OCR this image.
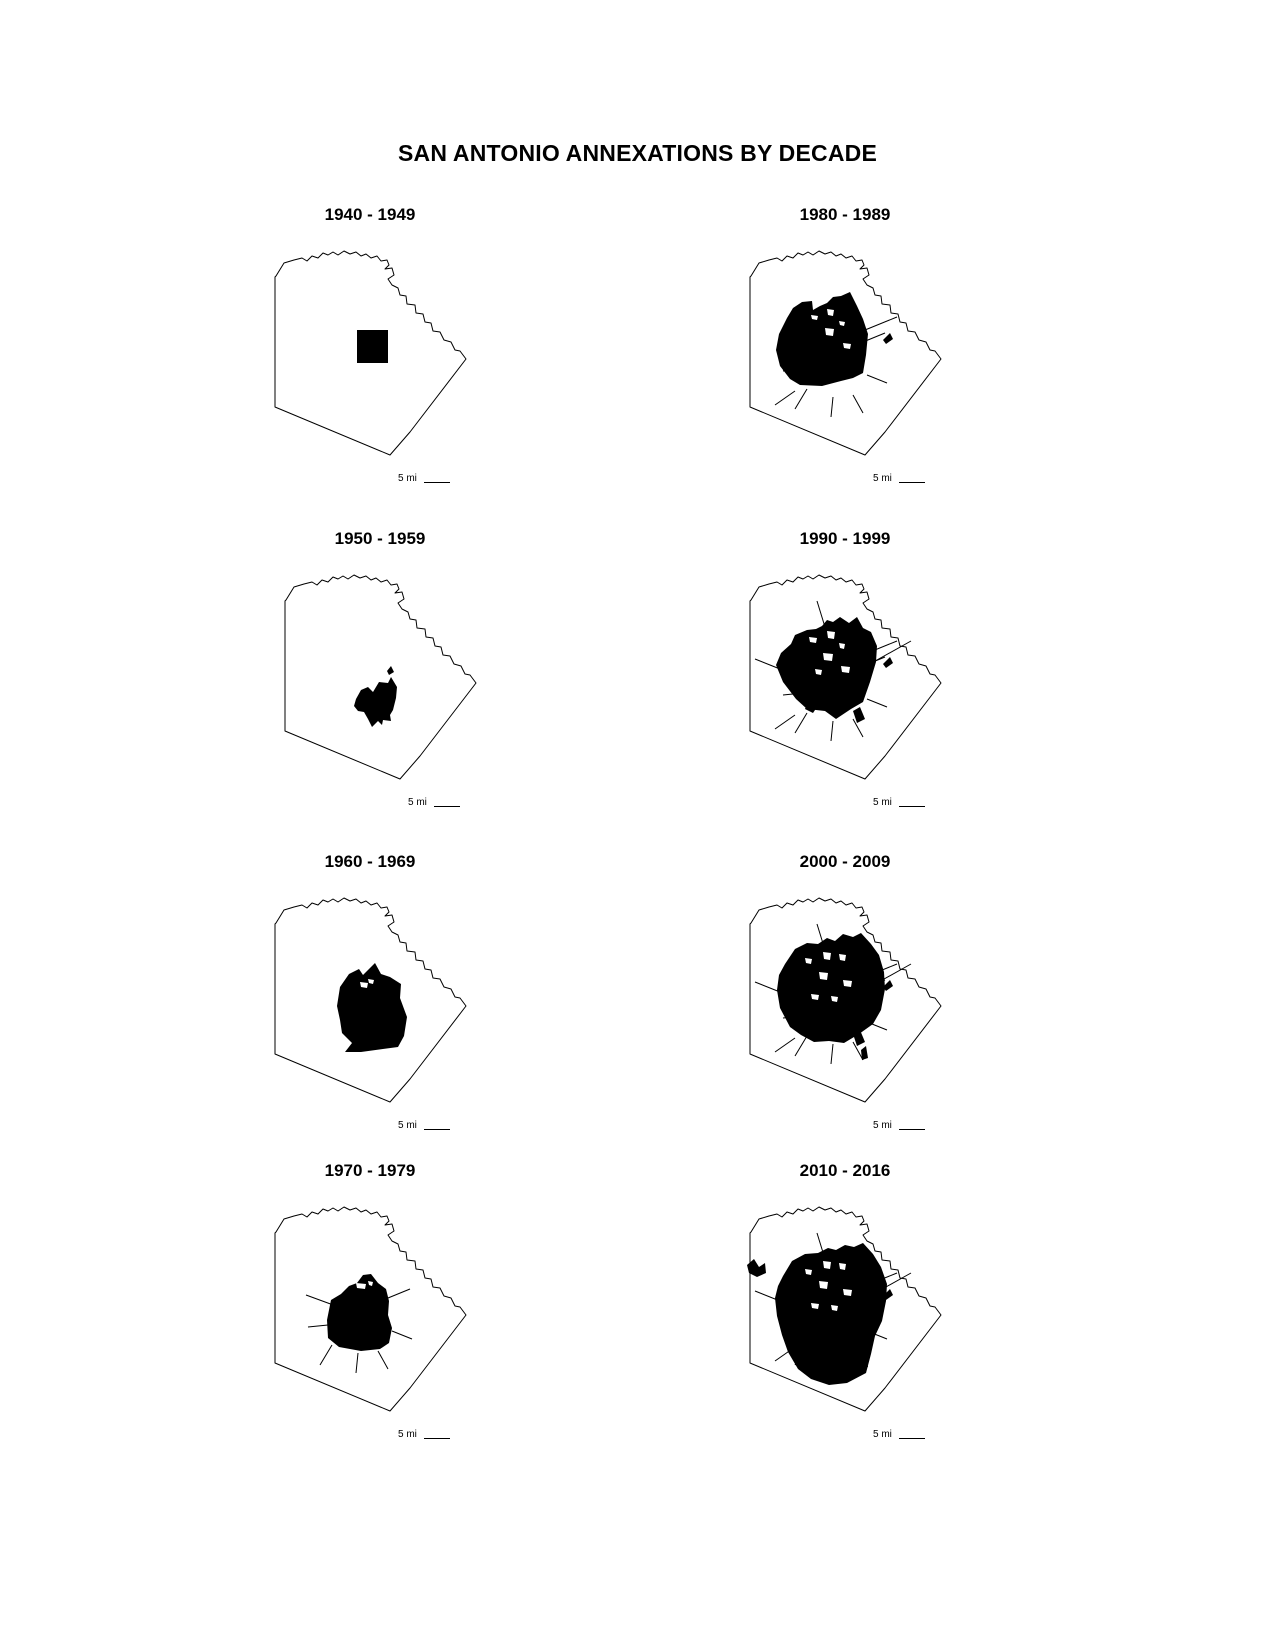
SAN ANTONIO ANNEXATIONS BY DECADE
1940 - 1949
5 mi
1950 - 1959
5 mi
1960 - 1969
5 mi
1970 - 1979
5 mi
1980 - 1989
5 mi
1990 - 1999
5 mi
2000 - 2009
5 mi
2010 - 2016
5 mi
